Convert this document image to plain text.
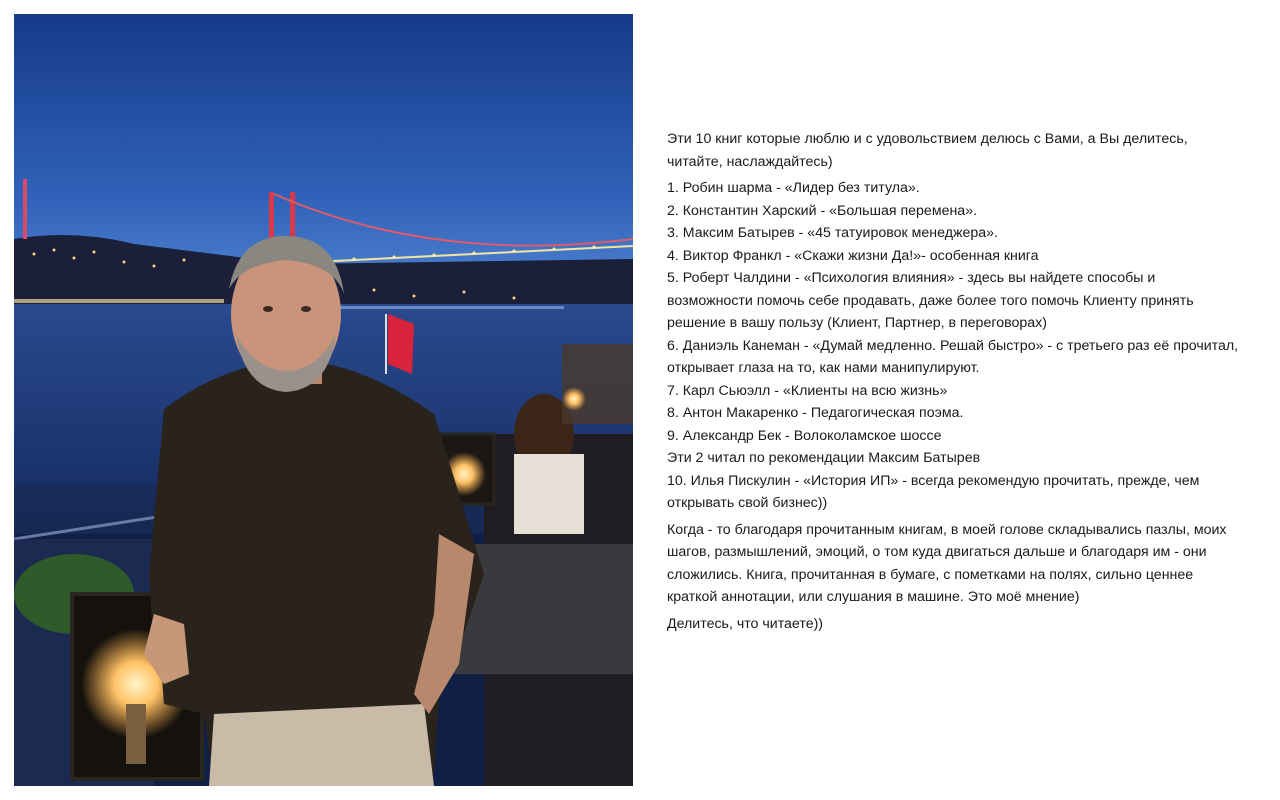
Эти 10 книг которые люблю и с удовольствием делюсь с Вами, а Вы делитесь, читайте, наслаждайтесь)

1. Робин шарма - «Лидер без титула».
2. Константин Харский - «Большая перемена».
3. Максим Батырев - «45 татуировок менеджера».
4. Виктор Франкл - «Скажи жизни Да!»- особенная книга
5. Роберт Чалдини - «Психология влияния» - здесь вы найдете способы и возможности помочь себе продавать, даже более того помочь Клиенту принять решение в вашу пользу (Клиент, Партнер, в переговорах)
6. Даниэль Канеман - «Думай медленно. Решай быстро» - с третьего раз её прочитал, открывает глаза на то, как нами манипулируют.
7. Карл Сьюэлл - «Клиенты на всю жизнь»
8. Антон Макаренко - Педагогическая поэма.
9. Александр Бек - Волоколамское шоссе
Эти 2 читал по рекомендации Максим Батырев
10. Илья Пискулин - «История ИП» - всегда рекомендую прочитать, прежде, чем открывать свой бизнес))

Когда - то благодаря прочитанным книгам, в моей голове складывались пазлы, моих шагов, размышлений, эмоций, о том куда двигаться дальше и благодаря им - они сложились. Книга, прочитанная в бумаге, с пометками на полях, сильно ценнее краткой аннотации, или слушания в машине. Это моё мнение)

Делитесь, что читаете))
